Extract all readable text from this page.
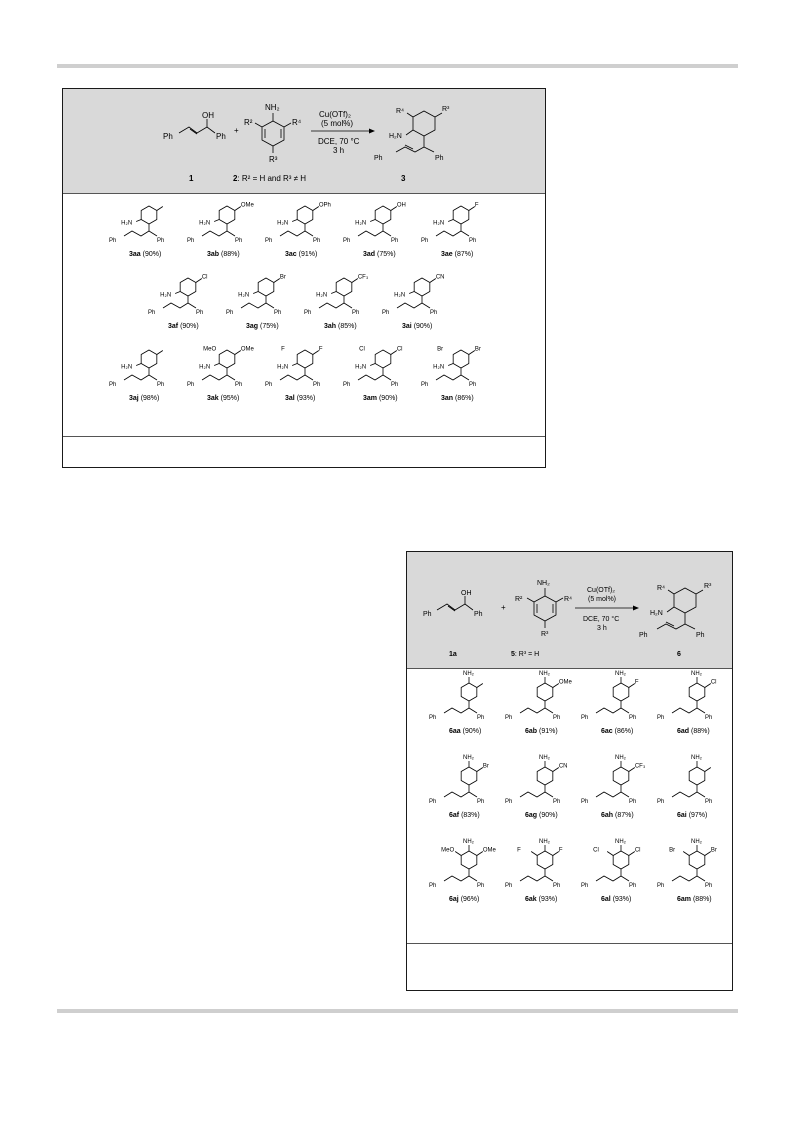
Ph
OH
Ph
1
+
NH₂
R²	R⁴
R³
2: R² = H and R³ ≠ H
Cu(OTf)₂
(5 mol%)
DCE, 70 °C
3 h
R⁴	R³
H₂N
Ph	Ph
3
H₂N
Ph	Ph
3aa (90%)
H₂N
Ph	Ph
OMe
3ab (88%)
H₂N
Ph	Ph
OPh
3ac (91%)
H₂N
Ph	Ph
OH
3ad (75%)
H₂N
Ph	Ph
F
3ae (87%)
H₂N
Ph	Ph
Cl
3af (90%)
H₂N
Ph	Ph
Br
3ag (75%)
H₂N
Ph	Ph
CF₃
3ah (85%)
H₂N
Ph	Ph
CN
3ai (90%)
H₂N
Ph	Ph
3aj (98%)
H₂N
Ph	Ph
OMe
MeO
3ak (95%)
H₂N
Ph	Ph
F
F
3al (93%)
H₂N
Ph	Ph
Cl
Cl
3am (90%)
H₂N
Ph	Ph
Br
Br
3an (86%)
Ph
OH
Ph
1a
+
NH₂
R²	R⁴
R³
5: R³ = H
Cu(OTf)₂
(5 mol%)
DCE, 70 °C
3 h
R⁴	R³
H₂N
Ph	Ph
6
NH₂
Ph	Ph
6aa (90%)
NH₂
Ph	Ph
OMe
6ab (91%)
NH₂
Ph	Ph
F
6ac (86%)
NH₂
Ph	Ph
Cl
6ad (88%)
NH₂
Ph	Ph
Br
6af (83%)
NH₂
Ph	Ph
CN
6ag (90%)
NH₂
Ph	Ph
CF₃
6ah (87%)
NH₂
Ph	Ph
6ai (97%)
NH₂
Ph	Ph
OMe
MeO
6aj (96%)
NH₂
Ph	Ph
F
F
6ak (93%)
NH₂
Ph	Ph
Cl
Cl
6al (93%)
NH₂
Ph	Ph
Br
Br
6am (88%)
